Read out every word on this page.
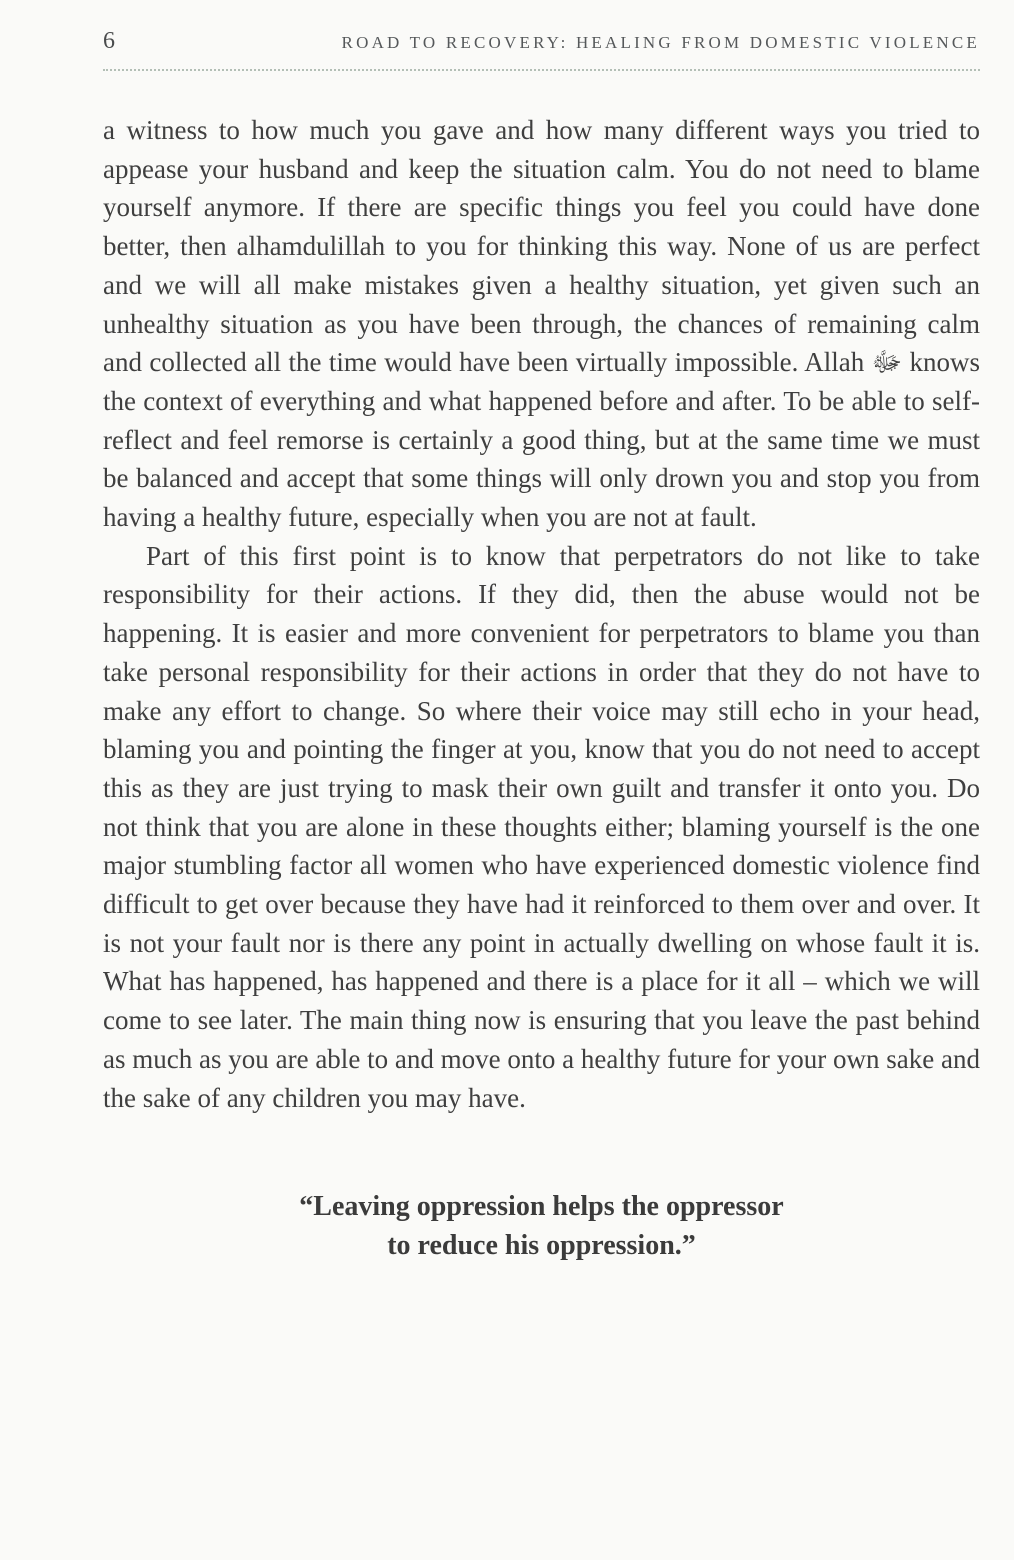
6	ROAD TO RECOVERY: HEALING FROM DOMESTIC VIOLENCE

a witness to how much you gave and how many different ways you tried to appease your husband and keep the situation calm. You do not need to blame yourself anymore. If there are specific things you feel you could have done better, then alhamdulillah to you for thinking this way. None of us are perfect and we will all make mistakes given a healthy situation, yet given such an unhealthy situation as you have been through, the chances of remaining calm and collected all the time would have been virtually impossible. Allah ﷻ knows the context of everything and what happened before and after. To be able to self-reflect and feel remorse is certainly a good thing, but at the same time we must be balanced and accept that some things will only drown you and stop you from having a healthy future, especially when you are not at fault.

Part of this first point is to know that perpetrators do not like to take responsibility for their actions. If they did, then the abuse would not be happening. It is easier and more convenient for perpetrators to blame you than take personal responsibility for their actions in order that they do not have to make any effort to change. So where their voice may still echo in your head, blaming you and pointing the finger at you, know that you do not need to accept this as they are just trying to mask their own guilt and transfer it onto you. Do not think that you are alone in these thoughts either; blaming yourself is the one major stumbling factor all women who have experienced domestic violence find difficult to get over because they have had it reinforced to them over and over. It is not your fault nor is there any point in actually dwelling on whose fault it is. What has happened, has happened and there is a place for it all – which we will come to see later. The main thing now is ensuring that you leave the past behind as much as you are able to and move onto a healthy future for your own sake and the sake of any children you may have.

“Leaving oppression helps the oppressor
to reduce his oppression.”
